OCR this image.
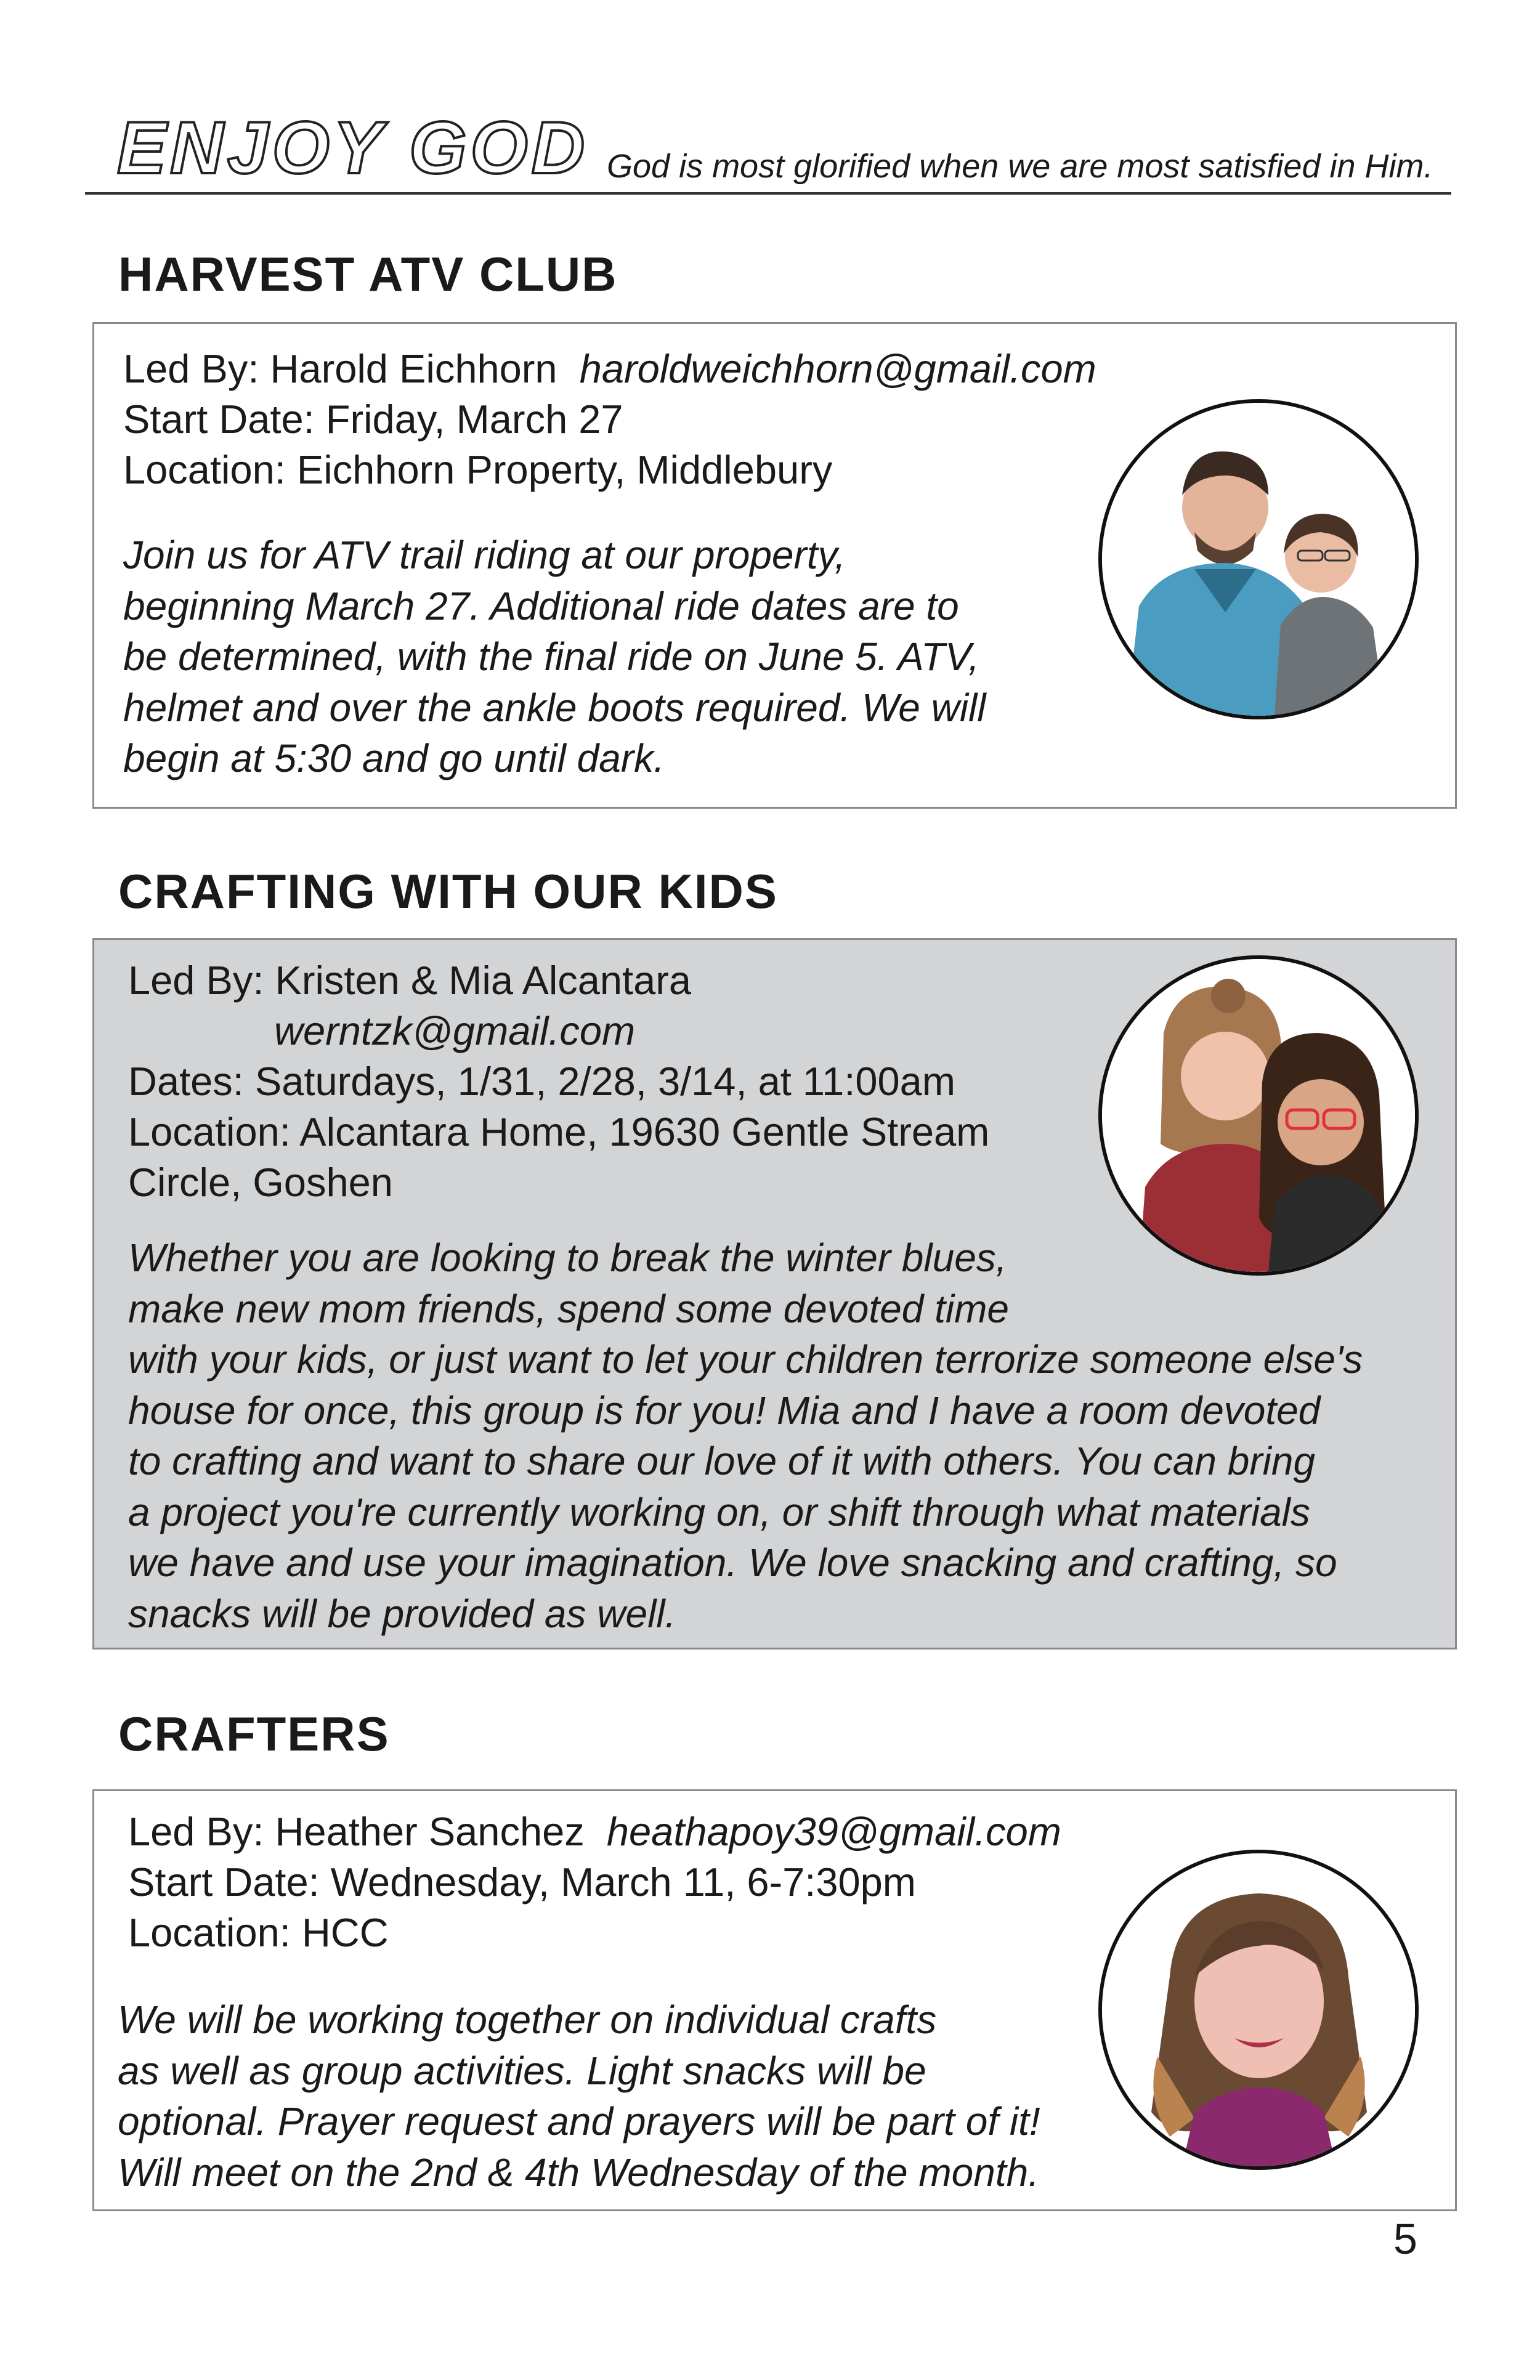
ENJOY GOD God is most glorified when we are most satisfied in Him.
HARVEST ATV CLUB
Led By: Harold Eichhorn haroldweichhorn@gmail.com
Start Date: Friday, March 27
Location: Eichhorn Property, Middlebury
Join us for ATV trail riding at our property,
beginning March 27. Additional ride dates are to
be determined, with the final ride on June 5. ATV,
helmet and over the ankle boots required. We will
begin at 5:30 and go until dark.
CRAFTING WITH OUR KIDS
Led By: Kristen & Mia Alcantara
werntzk@gmail.com
Dates: Saturdays, 1/31, 2/28, 3/14, at 11:00am
Location: Alcantara Home, 19630 Gentle Stream
Circle, Goshen
Whether you are looking to break the winter blues,
make new mom friends, spend some devoted time
with your kids, or just want to let your children terrorize someone else's
house for once, this group is for you! Mia and I have a room devoted
to crafting and want to share our love of it with others. You can bring
a project you're currently working on, or shift through what materials
we have and use your imagination. We love snacking and crafting, so
snacks will be provided as well.
CRAFTERS
Led By: Heather Sanchez heathapoy39@gmail.com
Start Date: Wednesday, March 11, 6-7:30pm
Location: HCC
We will be working together on individual crafts
as well as group activities. Light snacks will be
optional. Prayer request and prayers will be part of it!
Will meet on the 2nd & 4th Wednesday of the month.
5
